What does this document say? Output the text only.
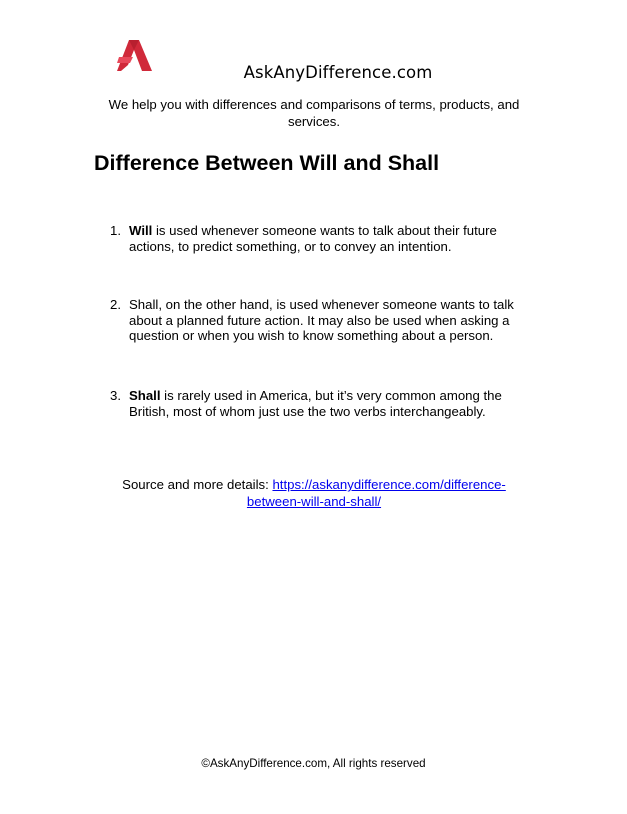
AskAnyDifference.com
We help you with differences and comparisons of terms, products, and services.
Difference Between Will and Shall
1. Will is used whenever someone wants to talk about their future actions, to predict something, or to convey an intention.
2. Shall, on the other hand, is used whenever someone wants to talk about a planned future action. It may also be used when asking a question or when you wish to know something about a person.
3. Shall is rarely used in America, but it’s very common among the British, most of whom just use the two verbs interchangeably.
Source and more details: https://askanydifference.com/difference-between-will-and-shall/
©AskAnyDifference.com, All rights reserved
